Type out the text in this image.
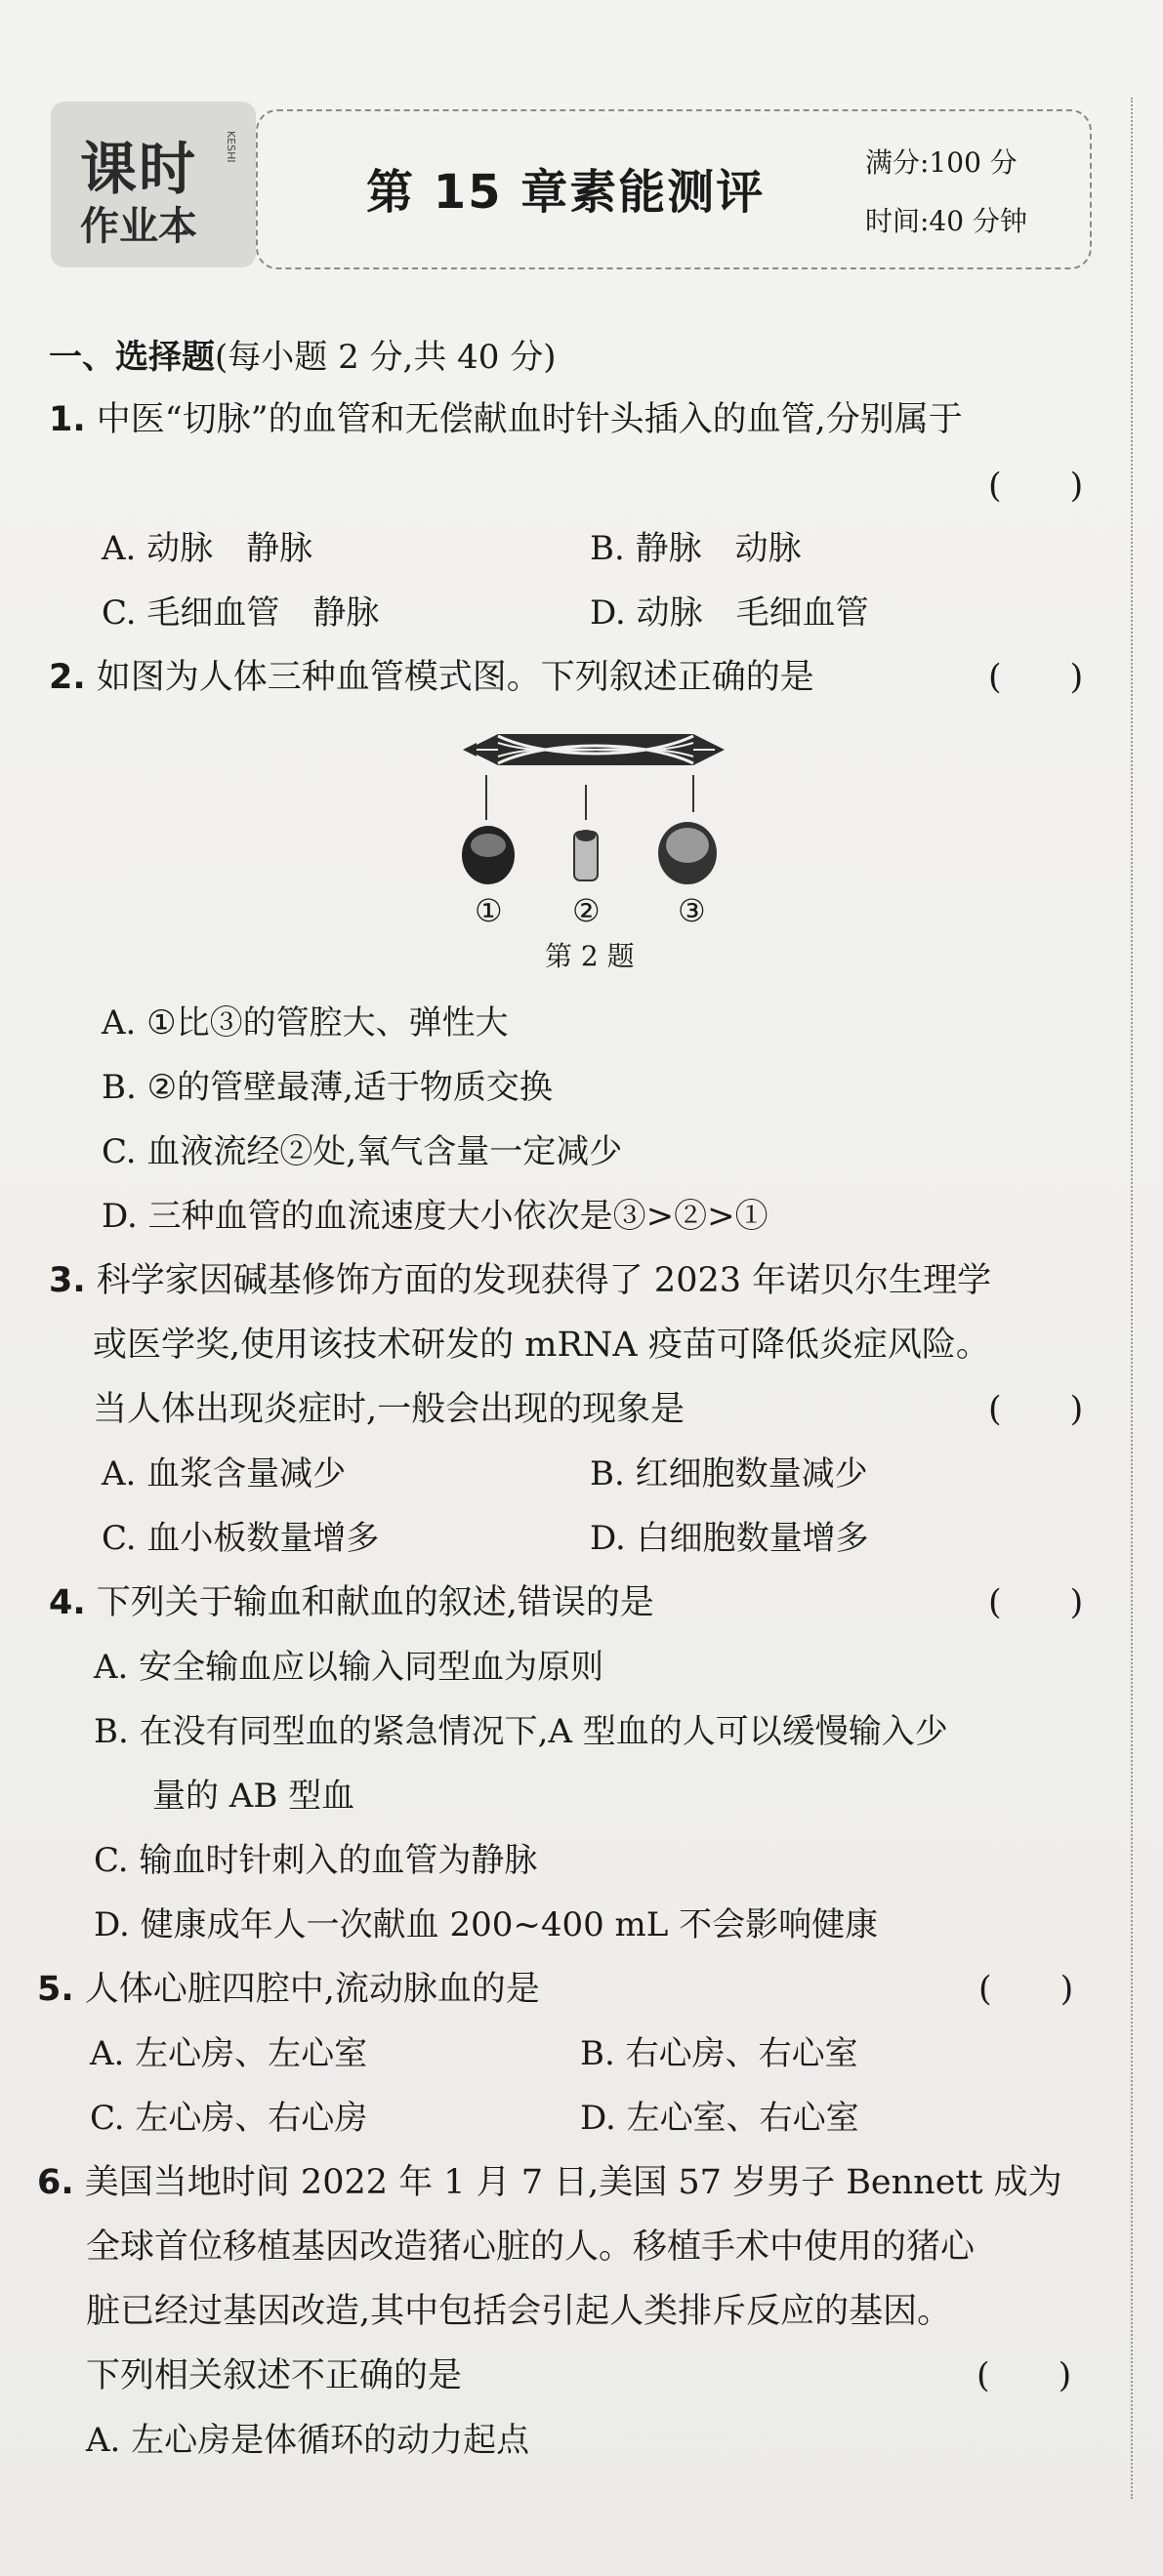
课时
作业本
KESHI
第 15 章素能测评
满分:100 分
时间:40 分钟
一、选择题(每小题 2 分,共 40 分)
1. 中医“切脉”的血管和无偿献血时针头插入的血管,分别属于
(　　)
A. 动脉　静脉	B. 静脉　动脉
C. 毛细血管　静脉	D. 动脉　毛细血管
2. 如图为人体三种血管模式图。下列叙述正确的是	(　　)
① ② ③
第 2 题
A. ①比③的管腔大、弹性大
B. ②的管壁最薄,适于物质交换
C. 血液流经②处,氧气含量一定减少
D. 三种血管的血流速度大小依次是③>②>①
3. 科学家因碱基修饰方面的发现获得了 2023 年诺贝尔生理学
或医学奖,使用该技术研发的 mRNA 疫苗可降低炎症风险。
当人体出现炎症时,一般会出现的现象是	(　　)
A. 血浆含量减少	B. 红细胞数量减少
C. 血小板数量增多	D. 白细胞数量增多
4. 下列关于输血和献血的叙述,错误的是	(　　)
A. 安全输血应以输入同型血为原则
B. 在没有同型血的紧急情况下,A 型血的人可以缓慢输入少
量的 AB 型血
C. 输血时针刺入的血管为静脉
D. 健康成年人一次献血 200~400 mL 不会影响健康
5. 人体心脏四腔中,流动脉血的是	(　　)
A. 左心房、左心室	B. 右心房、右心室
C. 左心房、右心房	D. 左心室、右心室
6. 美国当地时间 2022 年 1 月 7 日,美国 57 岁男子 Bennett 成为
全球首位移植基因改造猪心脏的人。移植手术中使用的猪心
脏已经过基因改造,其中包括会引起人类排斥反应的基因。
下列相关叙述不正确的是	(　　)
A. 左心房是体循环的动力起点
